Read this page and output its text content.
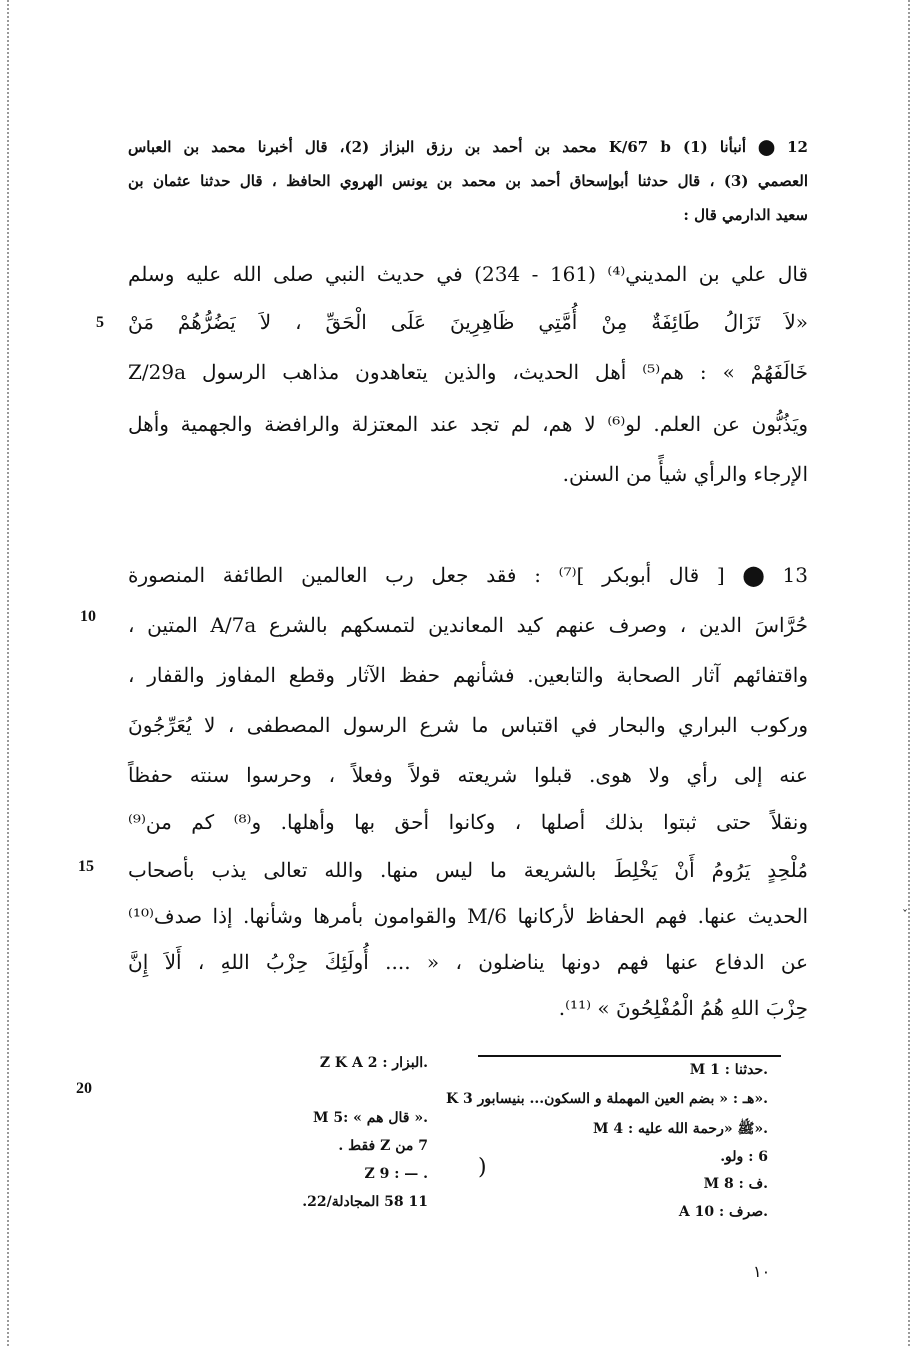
12 ⬤ أنبأنا (1) K/67 b محمد بن أحمد بن رزق البزاز (2)، قال أخبرنا محمد بن العباس
العصمي (3) ، قال حدثنا أبوإسحاق أحمد بن محمد بن يونس الهروي الحافظ ، قال حدثنا عثمان بن
سعيد الدارمي قال :
قال علي بن المديني⁽⁴⁾ (161 - 234) في حديث النبي صلى الله عليه وسلم
«لاَ تَزَالُ طَائِفَةٌ مِنْ أُمَّتِي ظَاهِرِينَ عَلَى الْحَقِّ ، لاَ يَضُرُّهُمْ مَنْ
خَالَفَهُمْ » : هم⁽⁵⁾ أهل الحديث، والذين يتعاهدون مذاهب الرسول Z/29a
ويَذُبُّون عن العلم. لو⁽⁶⁾ لا هم، لم تجد عند المعتزلة والرافضة والجهمية وأهل
الإرجاء والرأي شيأً من السنن.
13 ⬤ [ قال أبوبكر ]⁽⁷⁾ : فقد جعل رب العالمين الطائفة المنصورة
حُرَّاسَ الدين ، وصرف عنهم كيد المعاندين لتمسكهم بالشرع A/7a المتين ،
واقتفائهم آثار الصحابة والتابعين. فشأنهم حفظ الآثار وقطع المفاوز والقفار ،
وركوب البراري والبحار في اقتباس ما شرع الرسول المصطفى ، لا يُعَرِّجُونَ
عنه إلى رأي ولا هوى. قبلوا شريعته قولاً وفعلاً ، وحرسوا سنته حفظاً
ونقلاً حتى ثبتوا بذلك أصلها ، وكانوا أحق بها وأهلها. و⁽⁸⁾ كم من⁽⁹⁾
مُلْحِدٍ يَرُومُ أَنْ يَخْلِطَ بالشريعة ما ليس منها. والله تعالى يذب بأصحاب
الحديث عنها. فهم الحفاظ لأركانها M/6 والقوامون بأمرها وشأنها. إذا صدف⁽¹⁰⁾
عن الدفاع عنها فهم دونها يناضلون ، « .... أُولَئِكَ حِزْبُ اللهِ ، أَلاَ إِنَّ
حِزْبَ اللهِ هُمُ الْمُفْلِحُونَ » ⁽¹¹⁾.
5
10
15
20
M 1 : حدثنا.
K 3 هـ : « بضم العين المهملة و السكون... بنيسابور».
M 4 : ﷺ «رحمة الله عليه».
6 : ولو.
M 8 : ف.
A 10 : صرف.
Z K A 2 : البزار.
M 5: « قال هم ».
7 من Z فقط .
Z 9 : — .
11 58 المجادلة/22.
)
١٠
ˇ
